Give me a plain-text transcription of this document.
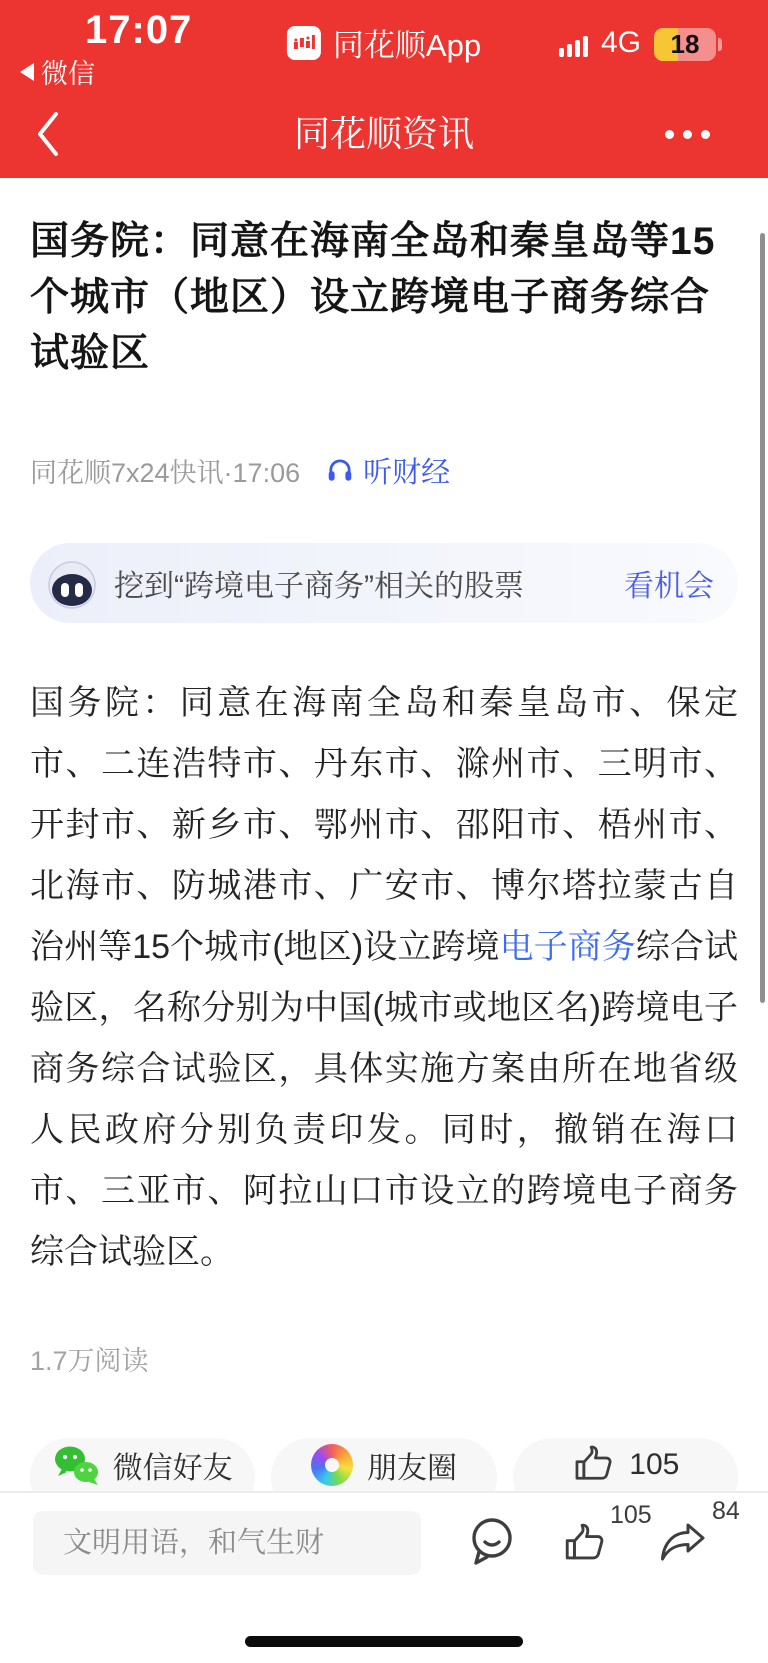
17:07
微信
同花顺App	4G	18
同花顺资讯
国务院：同意在海南全岛和秦皇岛等15个城市（地区）设立跨境电子商务综合试验区
同花顺7x24快讯·17:06 听财经
挖到“跨境电子商务”相关的股票	看机会
国务院：同意在海南全岛和秦皇岛市、保定市、二连浩特市、丹东市、滁州市、三明市、开封市、新乡市、鄂州市、邵阳市、梧州市、北海市、防城港市、广安市、博尔塔拉蒙古自治州等15个城市(地区)设立跨境电子商务综合试验区，名称分别为中国(城市或地区名)跨境电子商务综合试验区，具体实施方案由所在地省级人民政府分别负责印发。同时，撤销在海口市、三亚市、阿拉山口市设立的跨境电子商务综合试验区。
1.7万阅读
微信好友	朋友圈	105
文明用语，和气生财
105 84
